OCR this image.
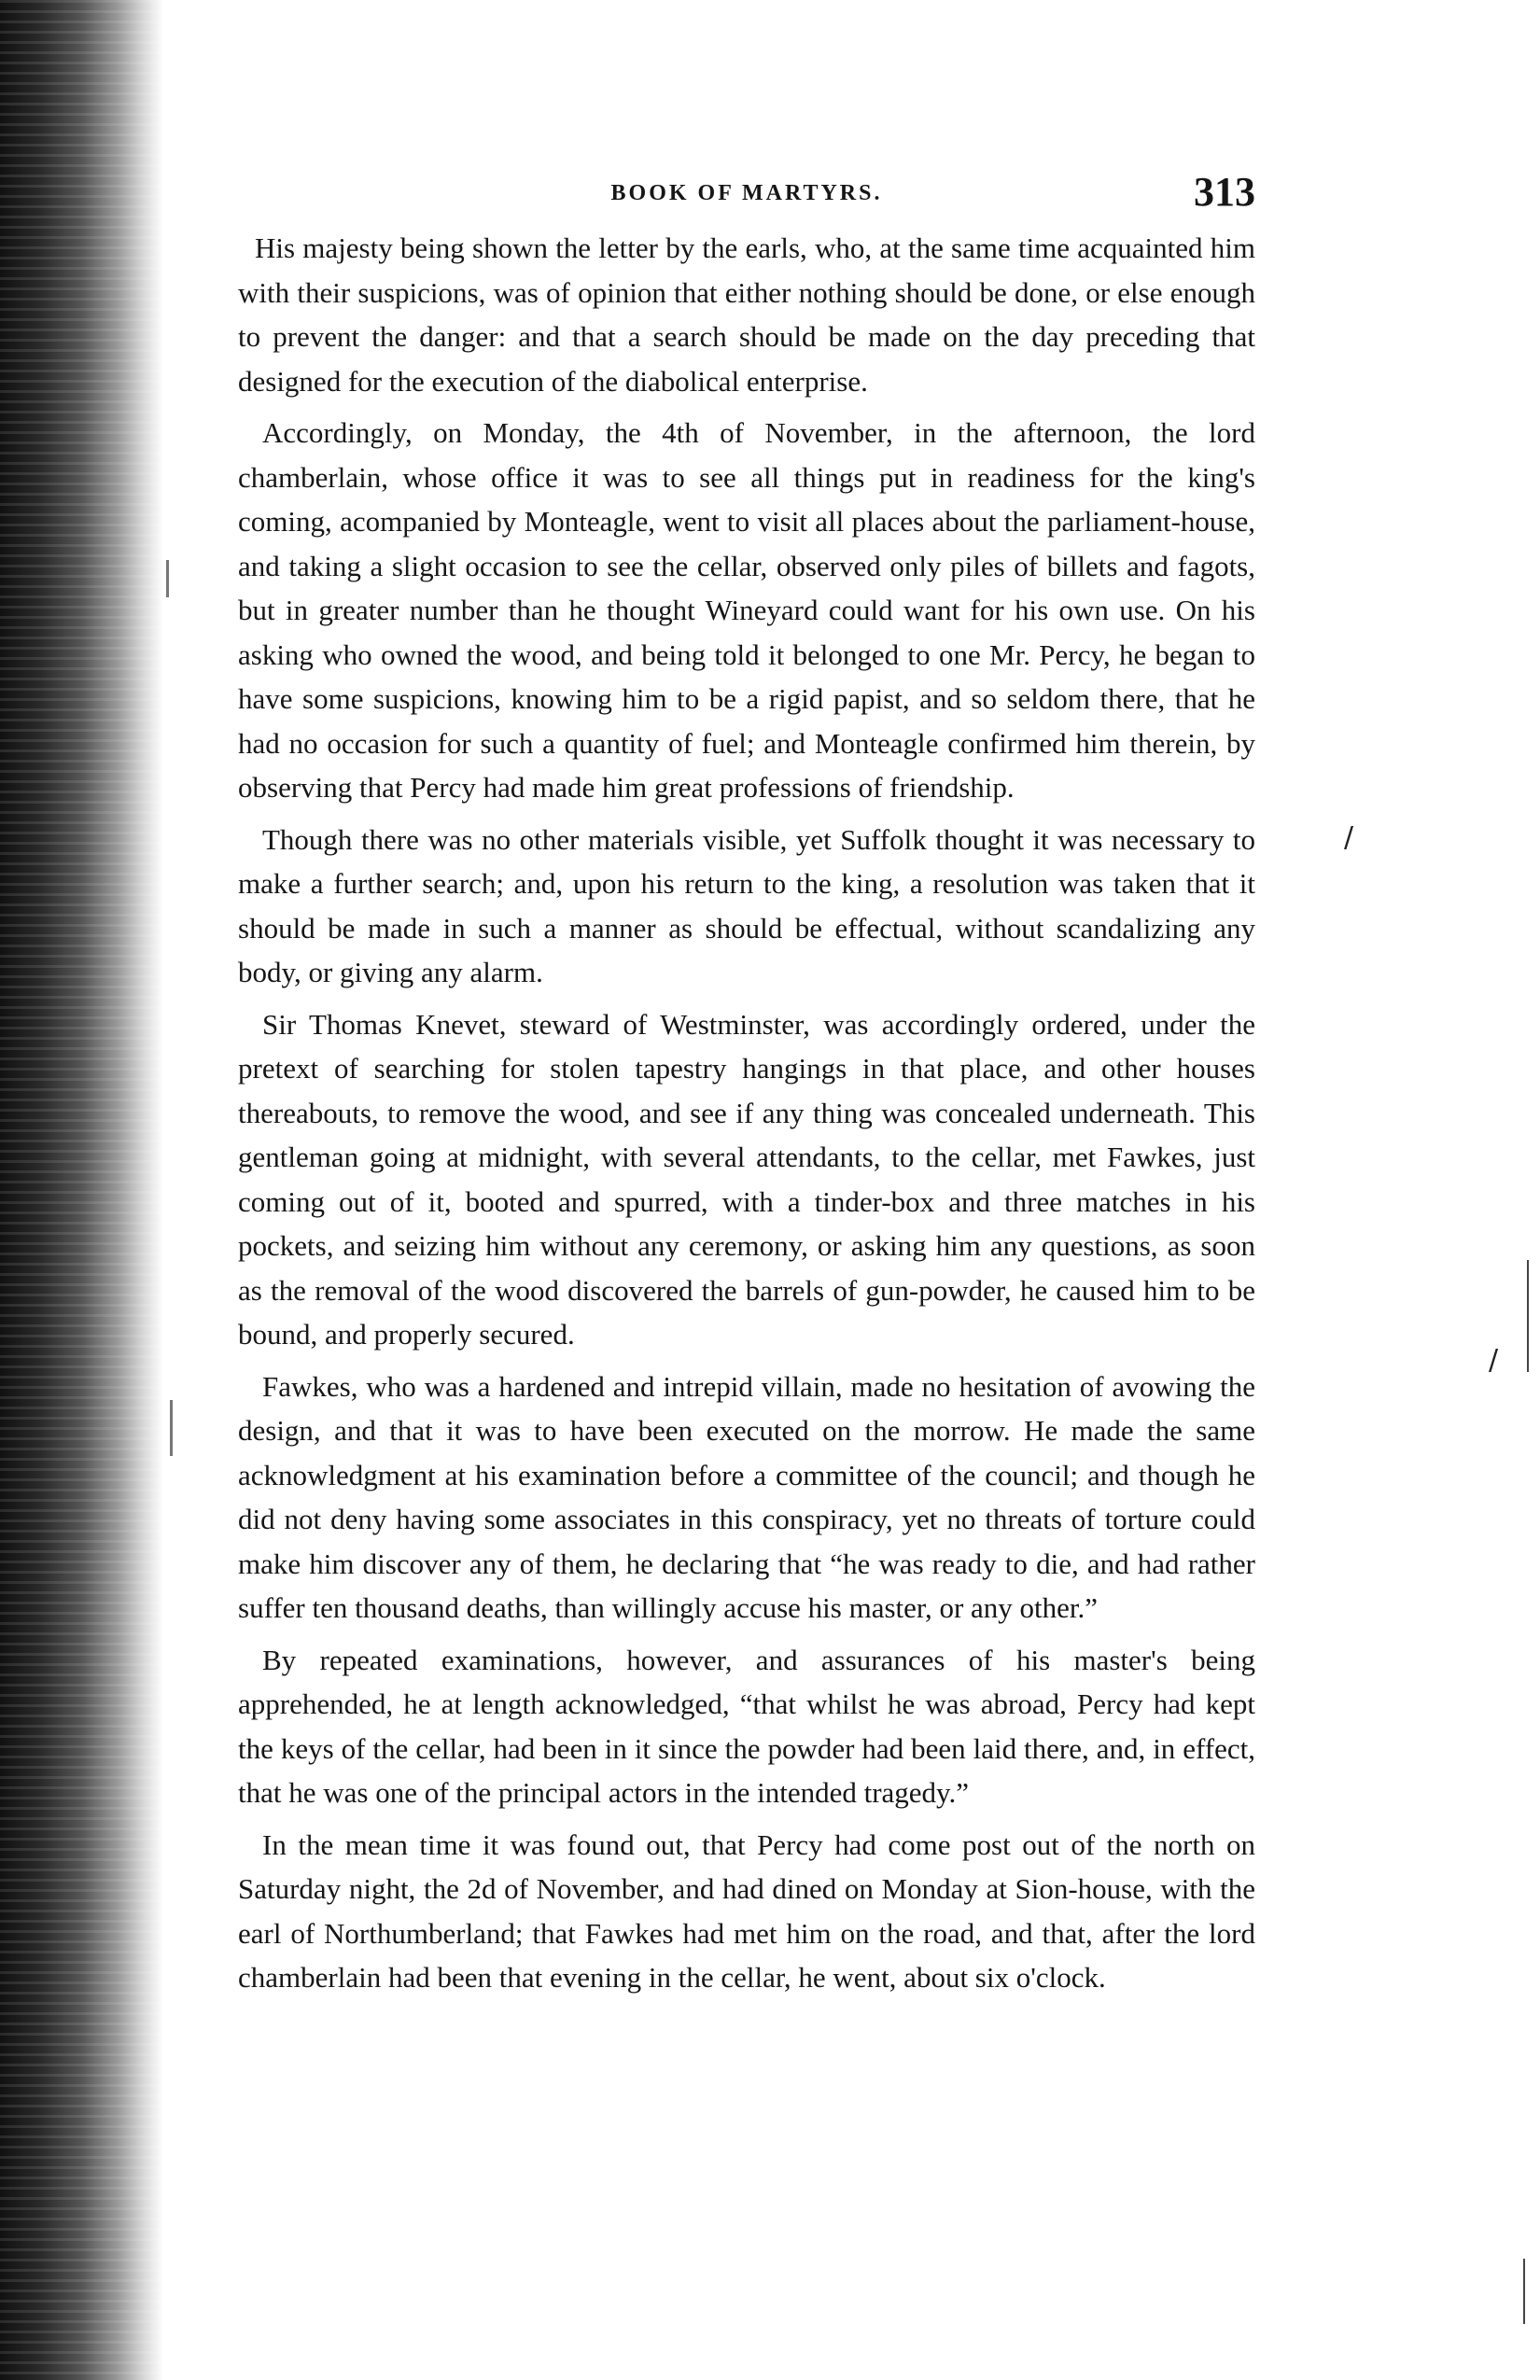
BOOK OF MARTYRS.	313

His majesty being shown the letter by the earls, who, at the same time acquainted him with their suspicions, was of opinion that either nothing should be done, or else enough to prevent the danger: and that a search should be made on the day preceding that designed for the execution of the diabolical enterprise.

Accordingly, on Monday, the 4th of November, in the afternoon, the lord chamberlain, whose office it was to see all things put in readiness for the king's coming, acompanied by Monteagle, went to visit all places about the parliament-house, and taking a slight occasion to see the cellar, observed only piles of billets and fagots, but in greater number than he thought Wineyard could want for his own use. On his asking who owned the wood, and being told it belonged to one Mr. Percy, he began to have some suspicions, knowing him to be a rigid papist, and so seldom there, that he had no occasion for such a quantity of fuel; and Monteagle confirmed him therein, by observing that Percy had made him great professions of friendship.

Though there was no other materials visible, yet Suffolk thought it was necessary to make a further search; and, upon his return to the king, a resolution was taken that it should be made in such a manner as should be effectual, without scandalizing any body, or giving any alarm.

Sir Thomas Knevet, steward of Westminster, was accordingly ordered, under the pretext of searching for stolen tapestry hangings in that place, and other houses thereabouts, to remove the wood, and see if any thing was concealed underneath. This gentleman going at midnight, with several attendants, to the cellar, met Fawkes, just coming out of it, booted and spurred, with a tinder-box and three matches in his pockets, and seizing him without any ceremony, or asking him any questions, as soon as the removal of the wood discovered the barrels of gun-powder, he caused him to be bound, and properly secured.

Fawkes, who was a hardened and intrepid villain, made no hesitation of avowing the design, and that it was to have been executed on the morrow. He made the same acknowledgment at his examination before a committee of the council; and though he did not deny having some associates in this conspiracy, yet no threats of torture could make him discover any of them, he declaring that “he was ready to die, and had rather suffer ten thousand deaths, than willingly accuse his master, or any other.”

By repeated examinations, however, and assurances of his master's being apprehended, he at length acknowledged, “that whilst he was abroad, Percy had kept the keys of the cellar, had been in it since the powder had been laid there, and, in effect, that he was one of the principal actors in the intended tragedy.”

In the mean time it was found out, that Percy had come post out of the north on Saturday night, the 2d of November, and had dined on Monday at Sion-house, with the earl of Northumberland; that Fawkes had met him on the road, and that, after the lord chamberlain had been that evening in the cellar, he went, about six o'clock.

/
/
